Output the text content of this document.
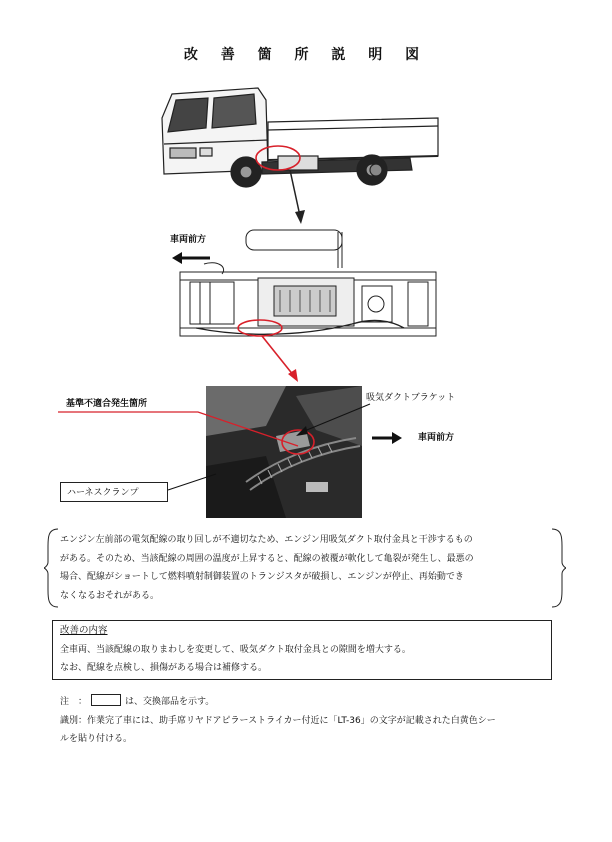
改 善 箇 所 説 明 図
車両前方
基準不適合発生箇所
吸気ダクトブラケット
車両前方
ハーネスクランプ
エンジン左前部の電気配線の取り回しが不適切なため、エンジン用吸気ダクト取付金具と干渉するもの
がある。そのため、当該配線の周囲の温度が上昇すると、配線の被覆が軟化して亀裂が発生し、最悪の
場合、配線がショートして燃料噴射制御装置のトランジスタが破損し、エンジンが停止、再始動でき
なくなるおそれがある。
改善の内容
全車両、当該配線の取りまわしを変更して、吸気ダクト取付金具との隙間を増大する。
なお、配線を点検し、損傷がある場合は補修する。
注　：	は、交換部品を示す。
識別：作業完了車には、助手席リヤドアピラーストライカー付近に「LT-36」の文字が記載された白黄色シー
ルを貼り付ける。
